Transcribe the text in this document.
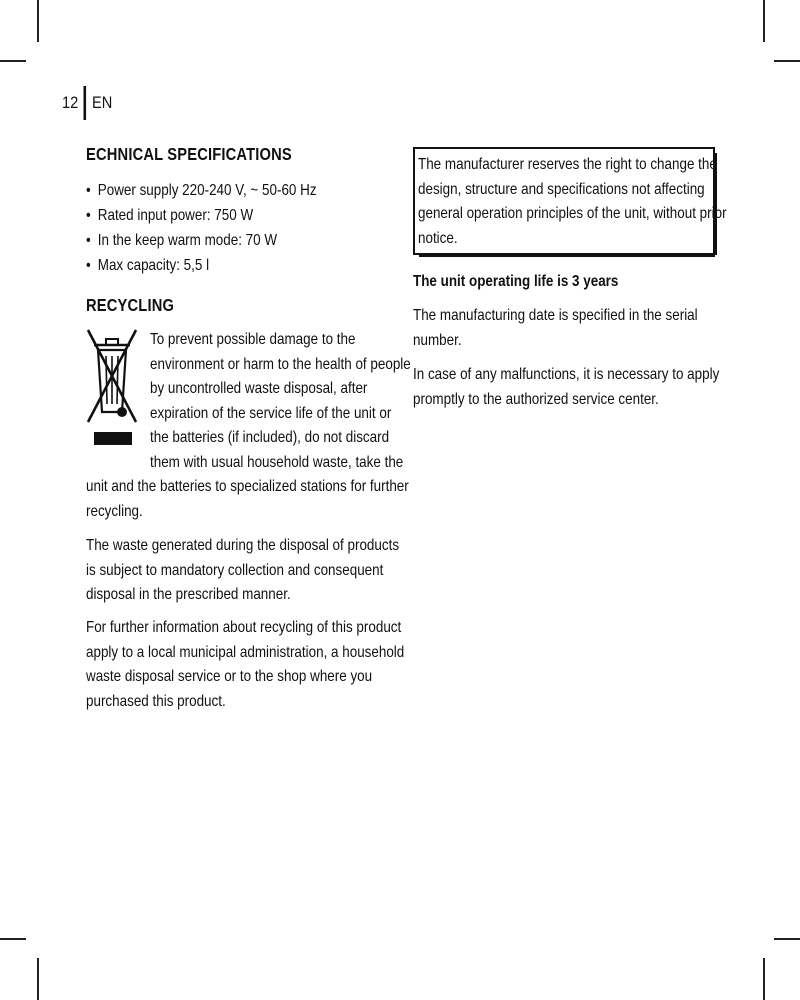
12 EN
ECHNICAL SPECIFICATIONS
• Power supply 220-240 V, ~ 50-60 Hz
• Rated input power: 750 W
• In the keep warm mode: 70 W
• Max capacity: 5,5 l
RECYCLING
To prevent possible damage to the
environment or harm to the health of people
by uncontrolled waste disposal, after
expiration of the service life of the unit or
the batteries (if included), do not discard
them with usual household waste, take the
unit and the batteries to specialized stations for further
recycling.
The waste generated during the disposal of products
is subject to mandatory collection and consequent
disposal in the prescribed manner.
For further information about recycling of this product
apply to a local municipal administration, a household
waste disposal service or to the shop where you
purchased this product.
The manufacturer reserves the right to change the
design, structure and specifications not affecting
general operation principles of the unit, without prior
notice.
The unit operating life is 3 years
The manufacturing date is specified in the serial
number.
In case of any malfunctions, it is necessary to apply
promptly to the authorized service center.
